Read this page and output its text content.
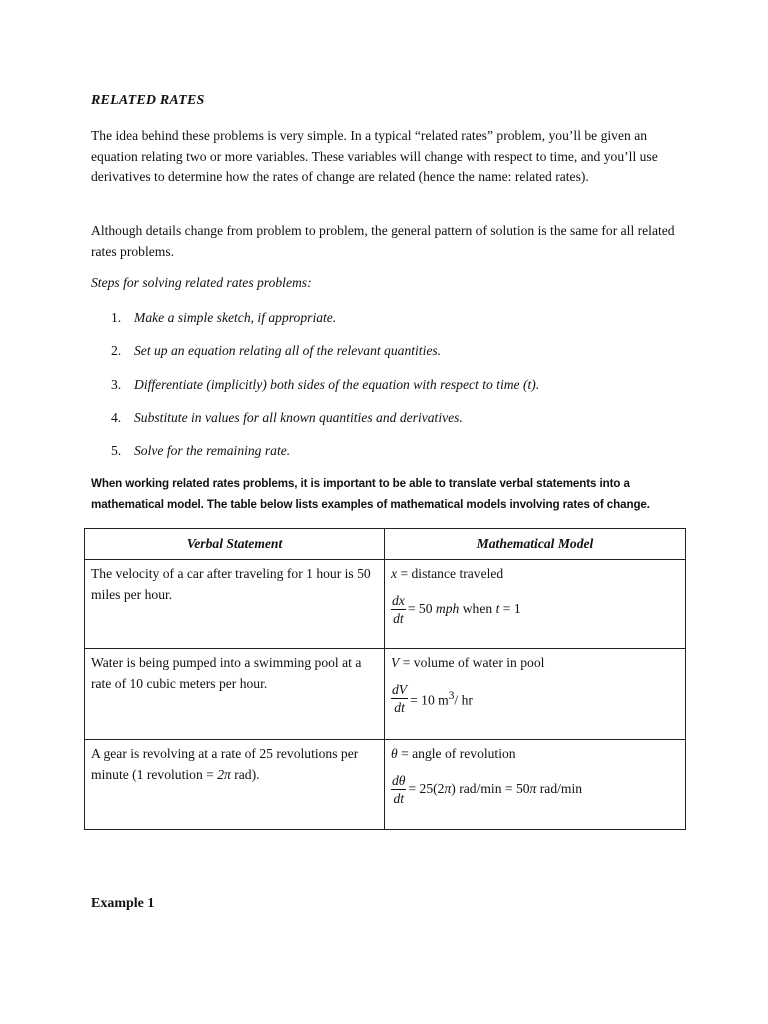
RELATED RATES
The idea behind these problems is very simple. In a typical “related rates” problem, you’ll be given an equation relating two or more variables. These variables will change with respect to time, and you’ll use derivatives to determine how the rates of change are related (hence the name: related rates).
Although details change from problem to problem, the general pattern of solution is the same for all related rates problems.
Steps for solving related rates problems:
1. Make a simple sketch, if appropriate.
2. Set up an equation relating all of the relevant quantities.
3. Differentiate (implicitly) both sides of the equation with respect to time (t).
4. Substitute in values for all known quantities and derivatives.
5. Solve for the remaining rate.
When working related rates problems, it is important to be able to translate verbal statements into a mathematical model. The table below lists examples of mathematical models involving rates of change.
Verbal Statement	Mathematical Model
The velocity of a car after traveling for 1 hour is 50 miles per hour.	x = distance traveled
$\frac{dx}{dt} = 50$ mph when t = 1

Water is being pumped into a swimming pool at a rate of 10 cubic meters per hour.	V = volume of water in pool
$\frac{dV}{dt} = 10$ $m^3/$ hr

A gear is revolving at a rate of 25 revolutions per minute (1 revolution = 2π rad).	θ = angle of revolution
$\frac{d\theta}{dt} = 25(2\pi) rad/\min = 50\pi$ rad/min
Example 1
